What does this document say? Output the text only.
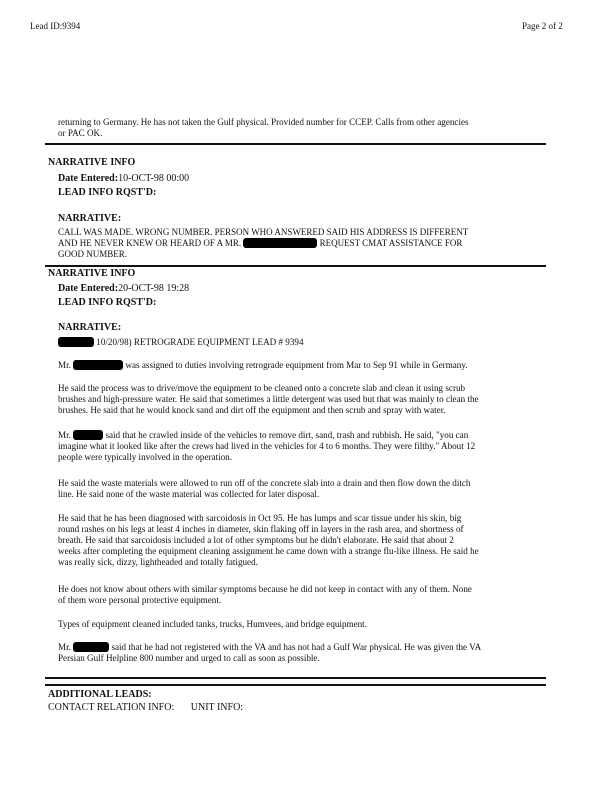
Lead ID:9394	Page 2 of 2
returning to Germany. He has not taken the Gulf physical. Provided number for CCEP. Calls from other agencies
or PAC OK.
NARRATIVE INFO
Date Entered:10-OCT-98 00:00
LEAD INFO RQST'D:
NARRATIVE:
CALL WAS MADE. WRONG NUMBER. PERSON WHO ANSWERED SAID HIS ADDRESS IS DIFFERENT
AND HE NEVER KNEW OR HEARD OF A MR.	REQUEST CMAT ASSISTANCE FOR
GOOD NUMBER.
NARRATIVE INFO
Date Entered:20-OCT-98 19:28
LEAD INFO RQST'D:
NARRATIVE:
10/20/98) RETROGRADE EQUIPMENT LEAD # 9394
Mr.	was assigned to duties involving retrograde equipment from Mar to Sep 91 while in Germany.
He said the process was to drive/move the equipment to be cleaned onto a concrete slab and clean it using scrub
brushes and high-pressure water. He said that sometimes a little detergent was used but that was mainly to clean the
brushes. He said that he would knock sand and dirt off the equipment and then scrub and spray with water.
Mr.	said that he crawled inside of the vehicles to remove dirt, sand, trash and rubbish. He said, "you can
imagine what it looked like after the crews had lived in the vehicles for 4 to 6 months. They were filthy." About 12
people were typically involved in the operation.
He said the waste materials were allowed to run off of the concrete slab into a drain and then flow down the ditch
line. He said none of the waste material was collected for later disposal.
He said that he has been diagnosed with sarcoidosis in Oct 95. He has lumps and scar tissue under his skin, big
round rashes on his legs at least 4 inches in diameter, skin flaking off in layers in the rash area, and shortness of
breath. He said that sarcoidosis included a lot of other symptoms but he didn't elaborate. He said that about 2
weeks after completing the equipment cleaning assignment he came down with a strange flu-like illness. He said he
was really sick, dizzy, lightheaded and totally fatigued.
He does not know about others with similar symptoms because he did not keep in contact with any of them. None
of them wore personal protective equipment.
Types of equipment cleaned included tanks, trucks, Humvees, and bridge equipment.
Mr.	said that he had not registered with the VA and has not had a Gulf War physical. He was given the VA
Persian Gulf Helpline 800 number and urged to call as soon as possible.
ADDITIONAL LEADS:
CONTACT RELATION INFO: UNIT INFO:
